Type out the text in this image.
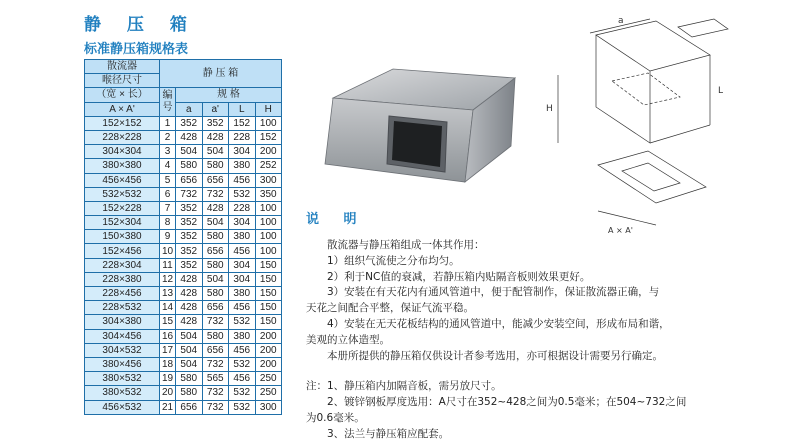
静 压 箱
标准静压箱规格表
散流器	静 压 箱				
喉径尺寸					
（宽 × 长）	编号	规 格			
A × A'		a	a'	L	H
152×152	1	352	352	152	100
228×228	2	428	428	228	152
304×304	3	504	504	304	200
380×380	4	580	580	380	252
456×456	5	656	656	456	300
532×532	6	732	732	532	350
152×228	7	352	428	228	100
152×304	8	352	504	304	100
150×380	9	352	580	380	100
152×456	10	352	656	456	100
228×304	11	352	580	304	150
228×380	12	428	504	304	150
228×456	13	428	580	380	150
228×532	14	428	656	456	150
304×380	15	428	732	532	150
304×456	16	504	580	380	200
304×532	17	504	656	456	200
380×456	18	504	732	532	200
380×532	19	580	565	456	250
380×532	20	580	732	532	250
456×532	21	656	732	532	300
a
H
L
A × A'
说 明

散流器与静压箱组成一体其作用：

1）组织气流使之分布均匀。

2）利于NC值的衰减，若静压箱内贴隔音板则效果更好。

3）安装在有天花内有通风管道中，便于配管制作，保证散流器正确，与

天花之间配合平整，保证气流平稳。

4）安装在无天花板结构的通风管道中，能减少安装空间，形成布局和谐，

美观的立体造型。

本册所提供的静压箱仅供设计者参考选用，亦可根据设计需要另行确定。

注：1、静压箱内加隔音板，需另放尺寸。

2、镀锌钢板厚度选用：A尺寸在352~428之间为0.5毫米；在504~732之间

为0.6毫米。

3、法兰与静压箱应配套。
